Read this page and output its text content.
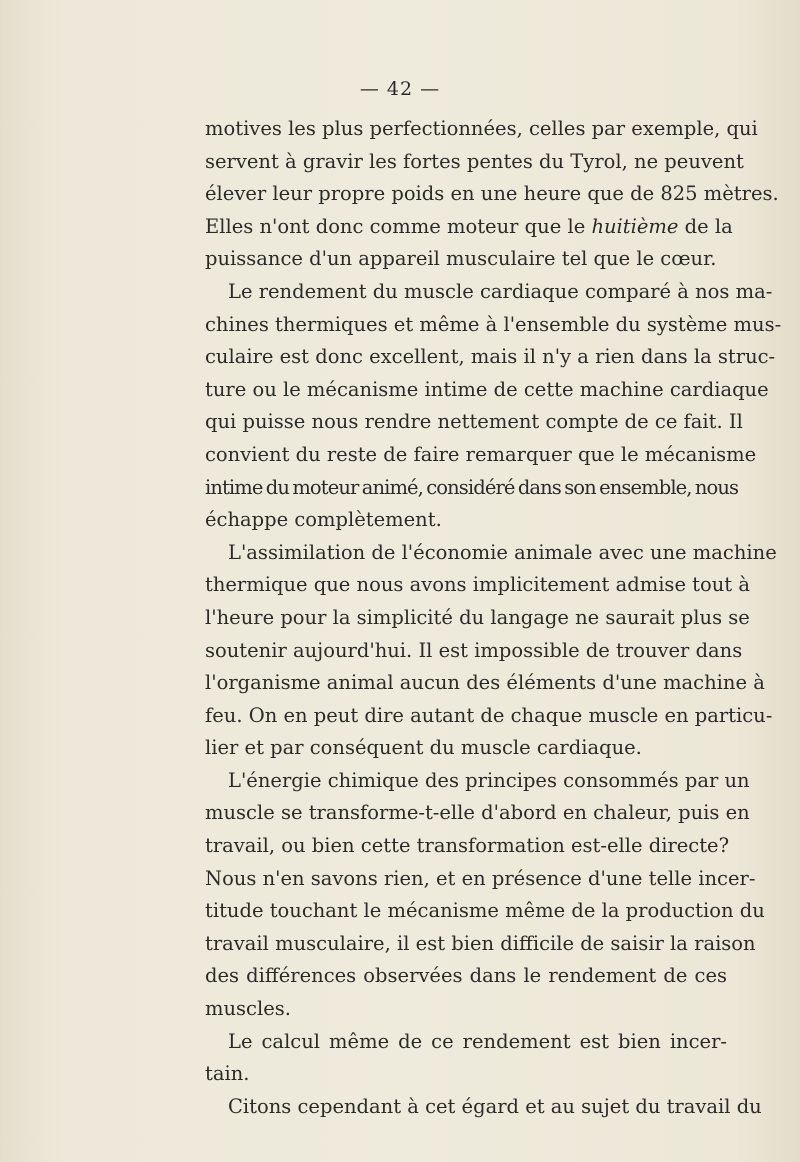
— 42 —
motives les plus perfectionnées, celles par exemple, qui
servent à gravir les fortes pentes du Tyrol, ne peuvent
élever leur propre poids en une heure que de 825 mètres.
Elles n'ont donc comme moteur que le huitième de la
puissance d'un appareil musculaire tel que le cœur.
Le rendement du muscle cardiaque comparé à nos ma-
chines thermiques et même à l'ensemble du système mus-
culaire est donc excellent, mais il n'y a rien dans la struc-
ture ou le mécanisme intime de cette machine cardiaque
qui puisse nous rendre nettement compte de ce fait. Il
convient du reste de faire remarquer que le mécanisme
intime du moteur animé, considéré dans son ensemble, nous
échappe complètement.
L'assimilation de l'économie animale avec une machine
thermique que nous avons implicitement admise tout à
l'heure pour la simplicité du langage ne saurait plus se
soutenir aujourd'hui. Il est impossible de trouver dans
l'organisme animal aucun des éléments d'une machine à
feu. On en peut dire autant de chaque muscle en particu-
lier et par conséquent du muscle cardiaque.
L'énergie chimique des principes consommés par un
muscle se transforme-t-elle d'abord en chaleur, puis en
travail, ou bien cette transformation est-elle directe?
Nous n'en savons rien, et en présence d'une telle incer-
titude touchant le mécanisme même de la production du
travail musculaire, il est bien difficile de saisir la raison
des différences observées dans le rendement de ces
muscles.
Le calcul même de ce rendement est bien incer-
tain.
Citons cependant à cet égard et au sujet du travail du
